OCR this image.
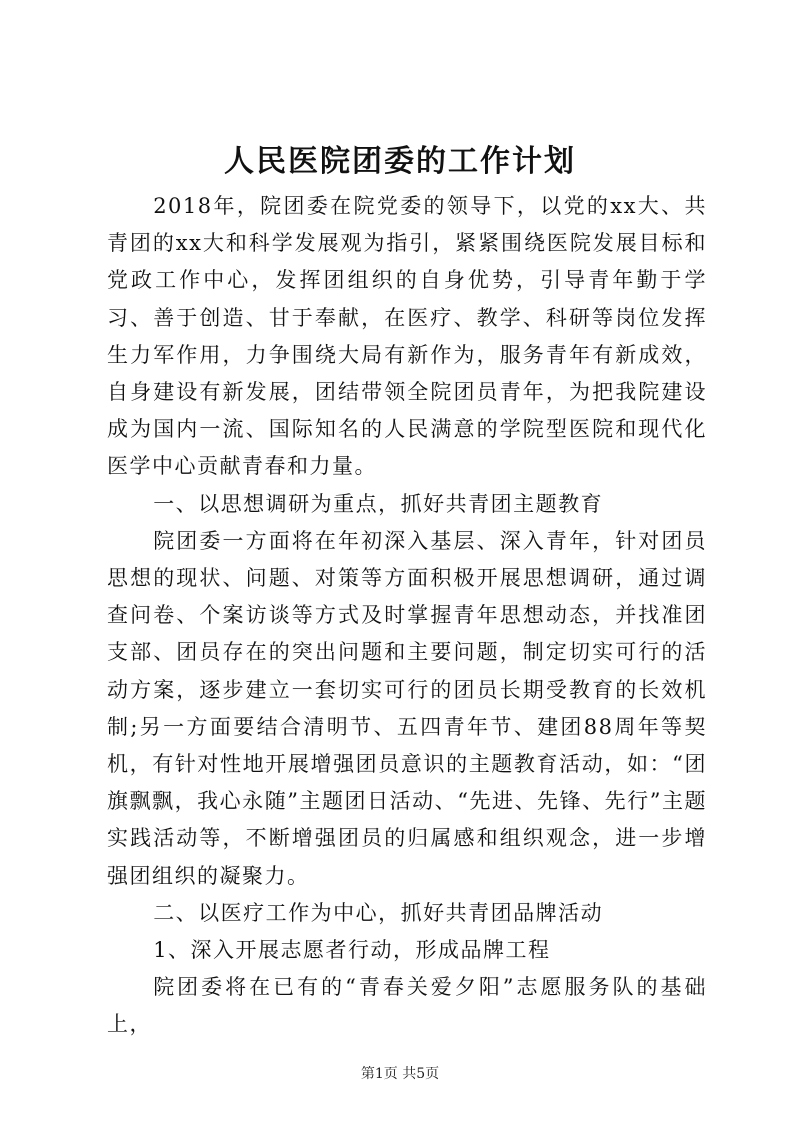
人民医院团委的工作计划

2018年，院团委在院党委的领导下，以党的xx大、共青团的xx大和科学发展观为指引，紧紧围绕医院发展目标和党政工作中心，发挥团组织的自身优势，引导青年勤于学习、善于创造、甘于奉献，在医疗、教学、科研等岗位发挥生力军作用，力争围绕大局有新作为，服务青年有新成效，自身建设有新发展，团结带领全院团员青年，为把我院建设成为国内一流、国际知名的人民满意的学院型医院和现代化医学中心贡献青春和力量。

一、以思想调研为重点，抓好共青团主题教育

院团委一方面将在年初深入基层、深入青年，针对团员思想的现状、问题、对策等方面积极开展思想调研，通过调查问卷、个案访谈等方式及时掌握青年思想动态，并找准团支部、团员存在的突出问题和主要问题，制定切实可行的活动方案，逐步建立一套切实可行的团员长期受教育的长效机制;另一方面要结合清明节、五四青年节、建团88周年等契机，有针对性地开展增强团员意识的主题教育活动，如：“团旗飘飘，我心永随”主题团日活动、“先进、先锋、先行”主题实践活动等，不断增强团员的归属感和组织观念，进一步增强团组织的凝聚力。

二、以医疗工作为中心，抓好共青团品牌活动

1、深入开展志愿者行动，形成品牌工程

院团委将在已有的“青春关爱夕阳”志愿服务队的基础上，

第1页 共5页
